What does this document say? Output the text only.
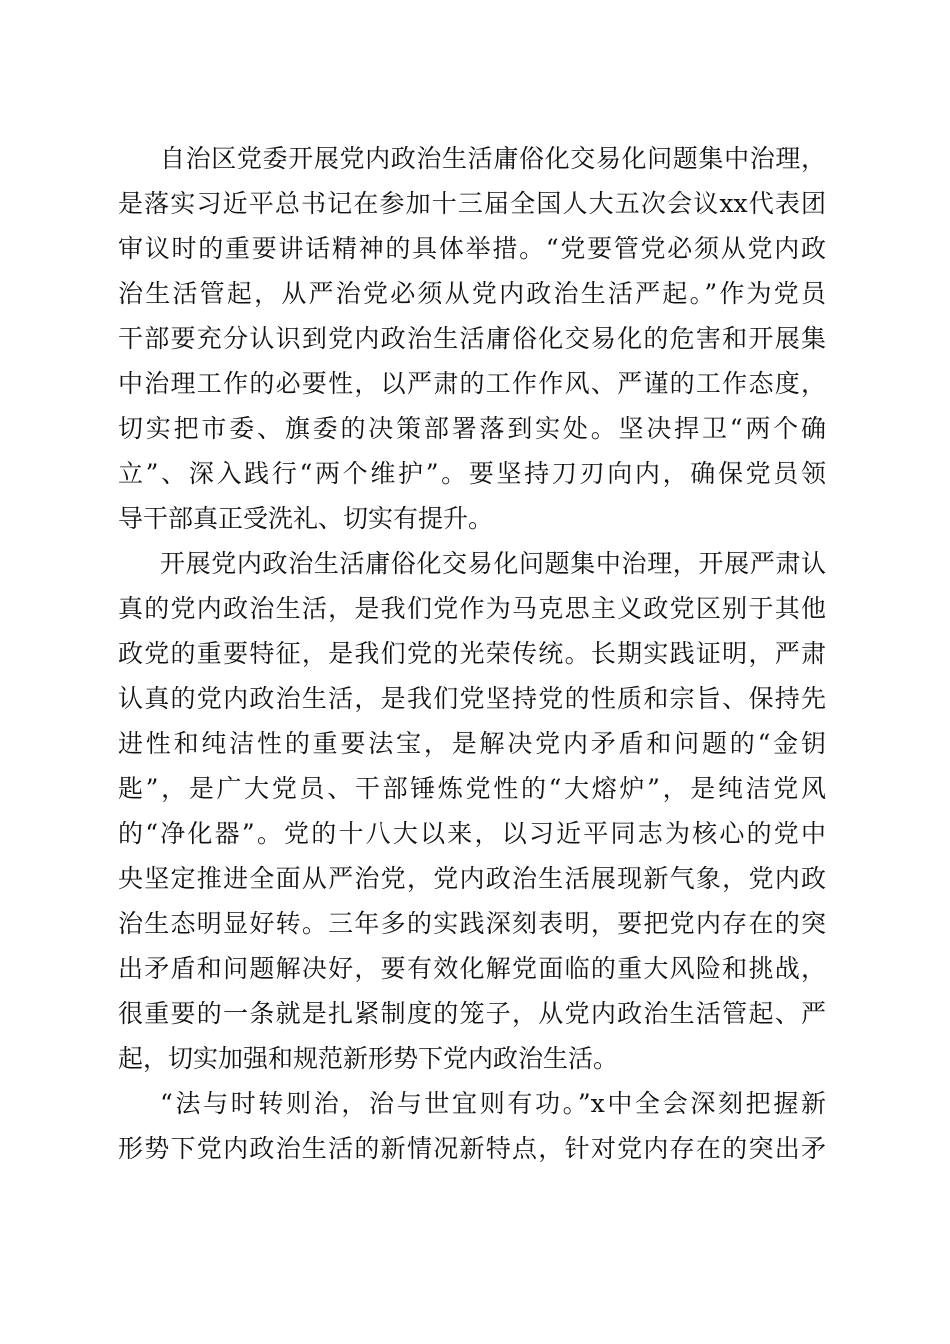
自治区党委开展党内政治生活庸俗化交易化问题集中治理，
是落实习近平总书记在参加十三届全国人大五次会议xx代表团
审议时的重要讲话精神的具体举措。“党要管党必须从党内政
治生活管起，从严治党必须从党内政治生活严起。”作为党员
干部要充分认识到党内政治生活庸俗化交易化的危害和开展集
中治理工作的必要性，以严肃的工作作风、严谨的工作态度，
切实把市委、旗委的决策部署落到实处。坚决捍卫“两个确
立”、深入践行“两个维护”。要坚持刀刃向内，确保党员领
导干部真正受洗礼、切实有提升。
开展党内政治生活庸俗化交易化问题集中治理，开展严肃认
真的党内政治生活，是我们党作为马克思主义政党区别于其他
政党的重要特征，是我们党的光荣传统。长期实践证明，严肃
认真的党内政治生活，是我们党坚持党的性质和宗旨、保持先
进性和纯洁性的重要法宝，是解决党内矛盾和问题的“金钥
匙”，是广大党员、干部锤炼党性的“大熔炉”，是纯洁党风
的“净化器”。党的十八大以来，以习近平同志为核心的党中
央坚定推进全面从严治党，党内政治生活展现新气象，党内政
治生态明显好转。三年多的实践深刻表明，要把党内存在的突
出矛盾和问题解决好，要有效化解党面临的重大风险和挑战，
很重要的一条就是扎紧制度的笼子，从党内政治生活管起、严
起，切实加强和规范新形势下党内政治生活。
“法与时转则治，治与世宜则有功。”x中全会深刻把握新
形势下党内政治生活的新情况新特点，针对党内存在的突出矛
